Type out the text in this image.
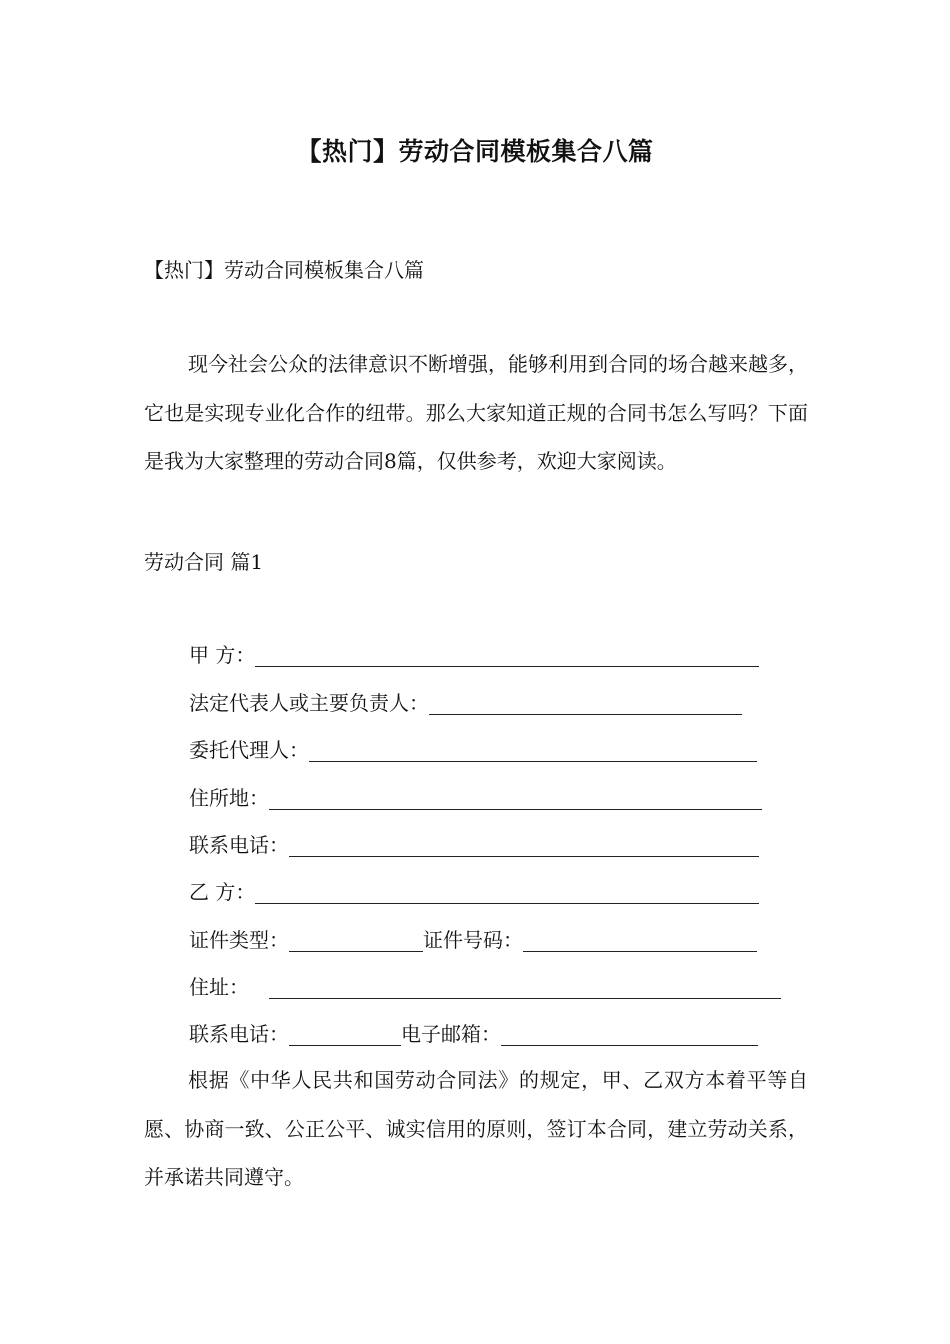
【热门】劳动合同模板集合八篇
【热门】劳动合同模板集合八篇

现今社会公众的法律意识不断增强，能够利用到合同的场合越来越多，它也是实现专业化合作的纽带。那么大家知道正规的合同书怎么写吗？下面是我为大家整理的劳动合同8篇，仅供参考，欢迎大家阅读。

劳动合同 篇1
甲 方：
法定代表人或主要负责人：
委托代理人：
住所地：
联系电话：
乙 方：
证件类型：	证件号码：
住址：
联系电话：	电子邮箱：

根据《中华人民共和国劳动合同法》的规定，甲、乙双方本着平等自愿、协商一致、公正公平、诚实信用的原则，签订本合同，建立劳动关系，并承诺共同遵守。
